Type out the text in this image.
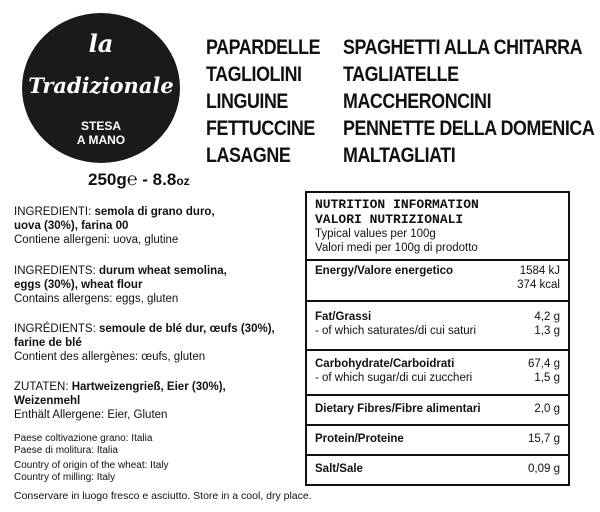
la
Tradizionale
STESA
A MANO
PAPARDELLE
TAGLIOLINI
LINGUINE
FETTUCCINE
LASAGNE
SPAGHETTI ALLA CHITARRA
TAGLIATELLE
MACCHERONCINI
PENNETTE DELLA DOMENICA
MALTAGLIATI
250g℮ - 8.8oz

INGREDIENTI: semola di grano duro,

uova (30%), farina 00

Contiene allergeni: uova, glutine

INGREDIENTS: durum wheat semolina,

eggs (30%), wheat flour

Contains allergens: eggs, gluten

INGRÉDIENTS: semoule de blé dur, œufs (30%),

farine de blé

Contient des allergènes: œufs, gluten

ZUTATEN: Hartweizengrieß, Eier (30%),

Weizenmehl

Enthält Allergene: Eier, Gluten

Paese coltivazione grano: Italia
Paese di molitura: Italia
Country of origin of the wheat: Italy
Country of milling: Italy
Conservare in luogo fresco e asciutto. Store in a cool, dry place.
NUTRITION INFORMATION
VALORI NUTRIZIONALI
Typical values per 100g
Valori medi per 100g di prodotto
Energy/Valore energetico	1584 kJ
374 kcal
Fat/Grassi	4,2 g
- of which saturates/di cui saturi	1,3 g
Carbohydrate/Carboidrati	67,4 g
- of which sugar/di cui zuccheri	1,5 g
Dietary Fibres/Fibre alimentari	2,0 g
Protein/Proteine	15,7 g
Salt/Sale	0,09 g
